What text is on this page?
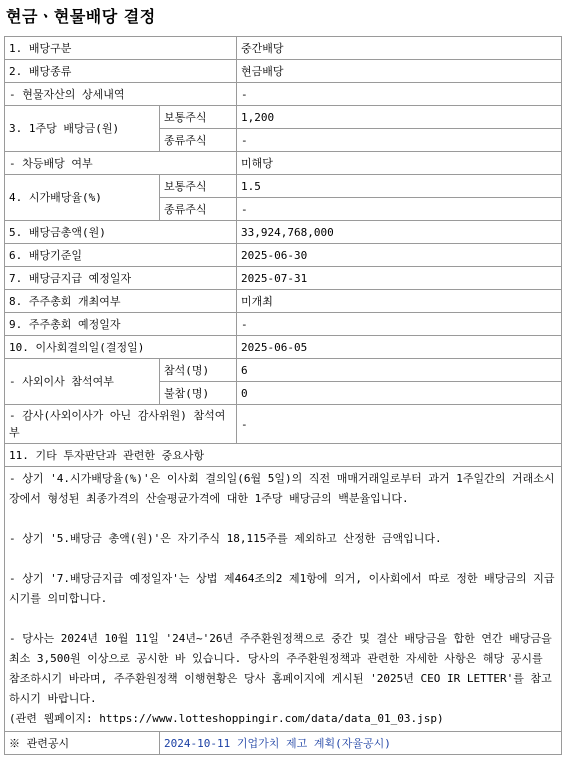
현금ㆍ현물배당 결정
1. 배당구분		중간배당
2. 배당종류		현금배당
- 현물자산의 상세내역		-
3. 1주당 배당금(원)	보통주식	1,200
	종류주식	-
- 차등배당 여부		미해당
4. 시가배당율(%)	보통주식	1.5
	종류주식	-
5. 배당금총액(원)		33,924,768,000
6. 배당기준일		2025-06-30
7. 배당금지급 예정일자		2025-07-31
8. 주주총회 개최여부		미개최
9. 주주총회 예정일자		-
10. 이사회결의일(결정일)		2025-06-05
- 사외이사 참석여부	참석(명)	6
	불참(명)	0
- 감사(사외이사가 아닌 감사위원) 참석여부		-
11. 기타 투자판단과 관련한 중요사항		

- 상기 '4.시가배당율(%)'은 이사회 결의일(6월 5일)의 직전 매매거래일로부터 과거 1주일간의 거래소시장에서 형성된 최종가격의 산술평균가격에 대한 1주당 배당금의 백분율입니다.
- 상기 '5.배당금 총액(원)'은 자기주식 18,115주를 제외하고 산정한 금액입니다.
- 상기 '7.배당금지급 예정일자'는 상법 제464조의2 제1항에 의거, 이사회에서 따로 정한 배당금의 지급 시기를 의미합니다.
- 당사는 2024년 10월 11일 '24년~'26년 주주환원정책으로 중간 및 결산 배당금을 합한 연간 배당금을 최소 3,500원 이상으로 공시한 바 있습니다. 당사의 주주환원정책과 관련한 자세한 사항은 해당 공시를 참조하시기 바라며, 주주환원정책 이행현황은 당사 홈페이지에 게시된 '2025년 CEO IR LETTER'를 참고하시기 바랍니다.
(관련 웹페이지: https://www.lotteshoppingir.com/data/data_01_03.jsp)		

※ 관련공시	2024-10-11 기업가치 제고 계획(자율공시)	
